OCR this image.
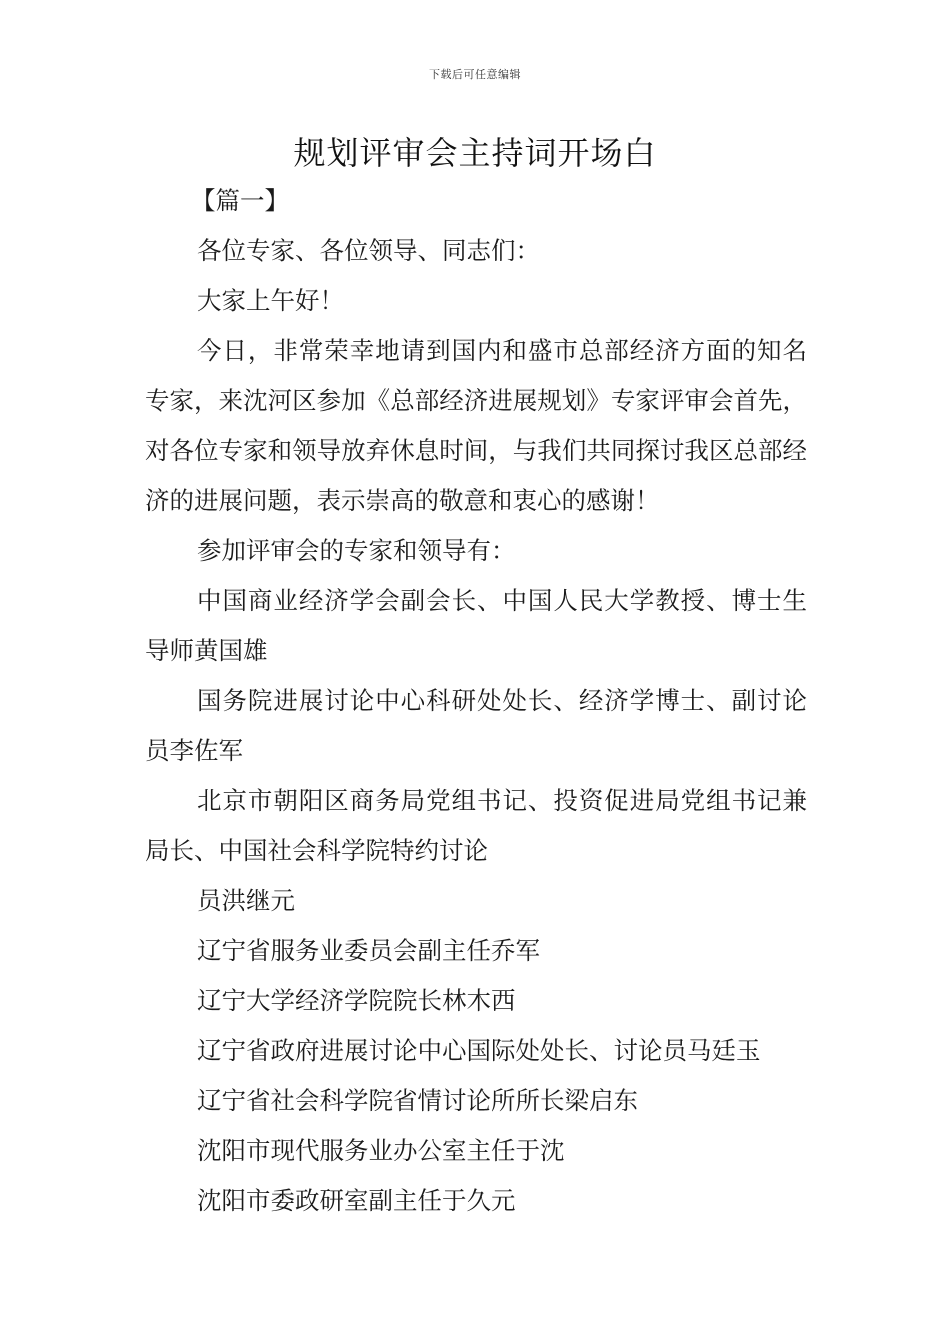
下载后可任意编辑
规划评审会主持词开场白

【篇一】

各位专家、各位领导、同志们：

大家上午好！

今日，非常荣幸地请到国内和盛市总部经济方面的知名专家，来沈河区参加《总部经济进展规划》专家评审会首先，对各位专家和领导放弃休息时间，与我们共同探讨我区总部经济的进展问题，表示崇高的敬意和衷心的感谢！

参加评审会的专家和领导有：

中国商业经济学会副会长、中国人民大学教授、博士生导师黄国雄

国务院进展讨论中心科研处处长、经济学博士、副讨论员李佐军

北京市朝阳区商务局党组书记、投资促进局党组书记兼局长、中国社会科学院特约讨论

员洪继元

辽宁省服务业委员会副主任乔军

辽宁大学经济学院院长林木西

辽宁省政府进展讨论中心国际处处长、讨论员马廷玉

辽宁省社会科学院省情讨论所所长梁启东

沈阳市现代服务业办公室主任于沈

沈阳市委政研室副主任于久元
